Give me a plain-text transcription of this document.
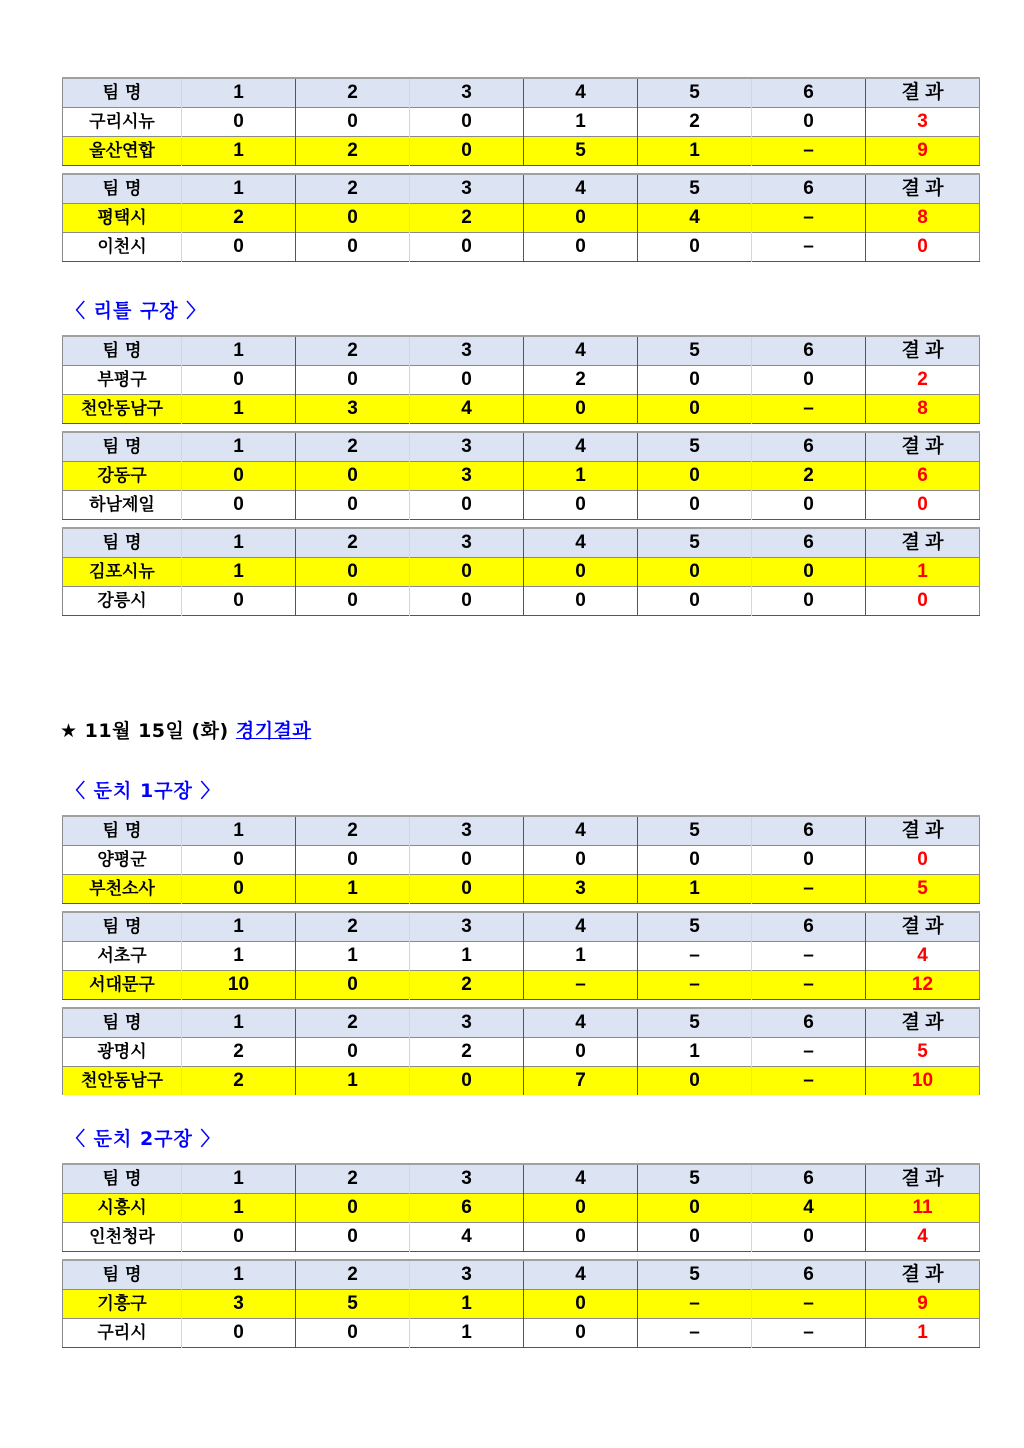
〈 리틀 구장 〉
★ 11월 15일 (화) 경기결과
〈 둔치 1구장 〉
〈 둔치 2구장 〉
팀 명	1	2	3	4	5	6	결 과
구리시뉴	0	0	0	1	2	0	3
울산연합	1	2	0	5	1	–	9
팀 명	1	2	3	4	5	6	결 과
평택시	2	0	2	0	4	–	8
이천시	0	0	0	0	0	–	0
팀 명	1	2	3	4	5	6	결 과
부평구	0	0	0	2	0	0	2
천안동남구	1	3	4	0	0	–	8
팀 명	1	2	3	4	5	6	결 과
강동구	0	0	3	1	0	2	6
하남제일	0	0	0	0	0	0	0
팀 명	1	2	3	4	5	6	결 과
김포시뉴	1	0	0	0	0	0	1
강릉시	0	0	0	0	0	0	0
팀 명	1	2	3	4	5	6	결 과
양평군	0	0	0	0	0	0	0
부천소사	0	1	0	3	1	–	5
팀 명	1	2	3	4	5	6	결 과
서초구	1	1	1	1	–	–	4
서대문구	10	0	2	–	–	–	12
팀 명	1	2	3	4	5	6	결 과
광명시	2	0	2	0	1	–	5
천안동남구	2	1	0	7	0	–	10
팀 명	1	2	3	4	5	6	결 과
시흥시	1	0	6	0	0	4	11
인천청라	0	0	4	0	0	0	4
팀 명	1	2	3	4	5	6	결 과
기흥구	3	5	1	0	–	–	9
구리시	0	0	1	0	–	–	1
